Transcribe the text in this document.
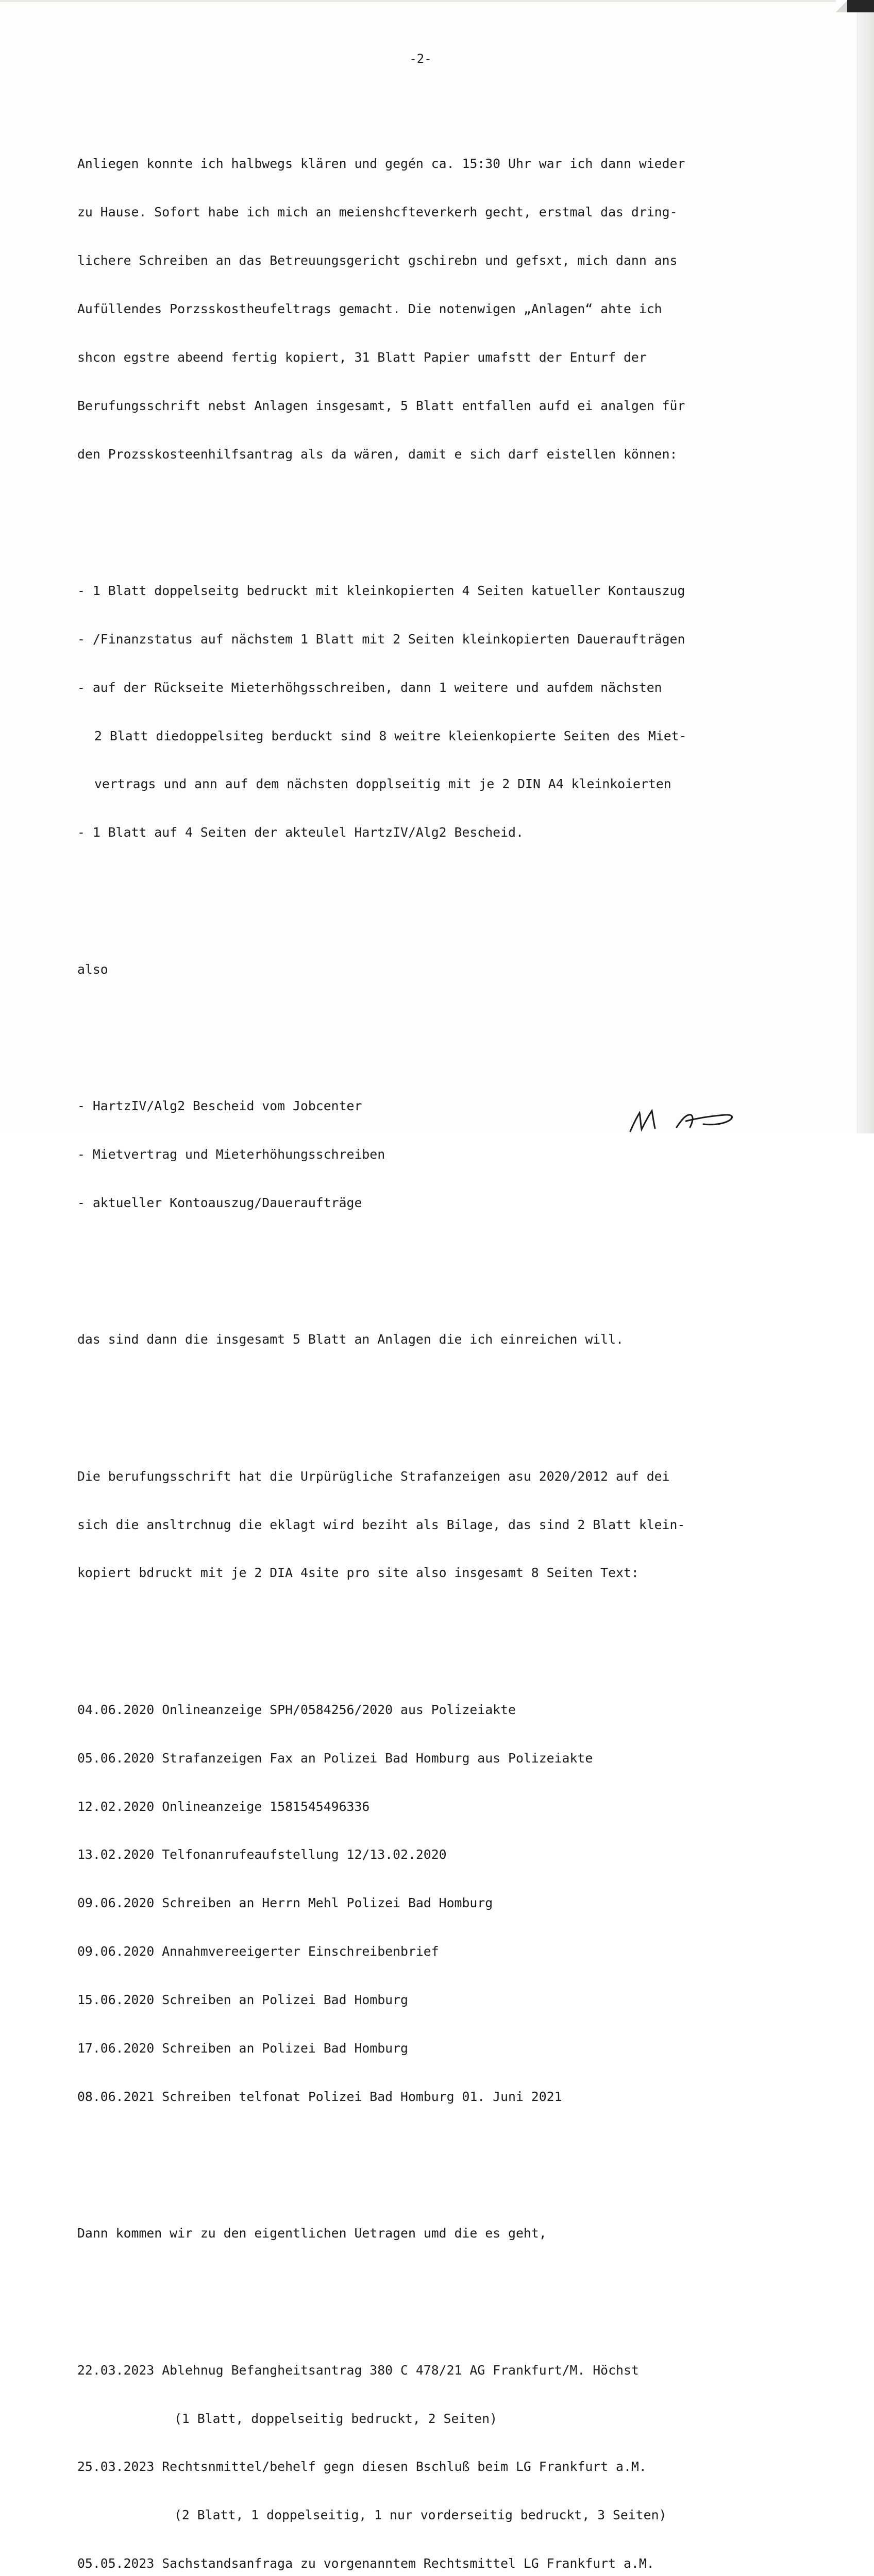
-2-

Anliegen konnte ich halbwegs klären und gegén ca. 15:30 Uhr war ich dann wieder

zu Hause. Sofort habe ich mich an meienshcfteverkerh gecht, erstmal das dring-

lichere Schreiben an das Betreuungsgericht gschirebn und gefsxt, mich dann ans

Aufüllendes Porzsskostheufeltrags gemacht. Die notenwigen „Anlagen“ ahte ich

shcon egstre abeend fertig kopiert, 31 Blatt Papier umafstt der Enturf der

Berufungsschrift nebst Anlagen insgesamt, 5 Blatt entfallen aufd ei analgen für

den Prozsskosteenhilfsantrag als da wären, damit e sich darf eistellen können:

- 1 Blatt doppelseitg bedruckt mit kleinkopierten 4 Seiten katueller Kontauszug

- /Finanzstatus auf nächstem 1 Blatt mit 2 Seiten kleinkopierten Daueraufträgen

- auf der Rückseite Mieterhöhgsschreiben, dann 1 weitere und aufdem nächsten

2 Blatt diedoppelsiteg berduckt sind 8 weitre kleienkopierte Seiten des Miet-

vertrags und ann auf dem nächsten dopplseitig mit je 2 DIN A4 kleinkoierten

- 1 Blatt auf 4 Seiten der akteulel HartzIV/Alg2 Bescheid.

also

- HartzIV/Alg2 Bescheid vom Jobcenter

- Mietvertrag und Mieterhöhungsschreiben

- aktueller Kontoauszug/Daueraufträge

das sind dann die insgesamt 5 Blatt an Anlagen die ich einreichen will.

Die berufungsschrift hat die Urpürügliche Strafanzeigen asu 2020/2012 auf dei

sich die ansltrchnug die eklagt wird beziht als Bilage, das sind 2 Blatt klein-

kopiert bdruckt mit je 2 DIA 4site pro site also insgesamt 8 Seiten Text:

04.06.2020 Onlineanzeige SPH/0584256/2020 aus Polizeiakte

05.06.2020 Strafanzeigen Fax an Polizei Bad Homburg aus Polizeiakte

12.02.2020 Onlineanzeige 1581545496336

13.02.2020 Telfonanrufeaufstellung 12/13.02.2020

09.06.2020 Schreiben an Herrn Mehl Polizei Bad Homburg

09.06.2020 Annahmvereeigerter Einschreibenbrief

15.06.2020 Schreiben an Polizei Bad Homburg

17.06.2020 Schreiben an Polizei Bad Homburg

08.06.2021 Schreiben telfonat Polizei Bad Homburg 01. Juni 2021

Dann kommen wir zu den eigentlichen Uetragen umd die es geht,

22.03.2023 Ablehnug Befangheitsantrag 380 C 478/21 AG Frankfurt/M. Höchst

(1 Blatt, doppelseitig bedruckt, 2 Seiten)

25.03.2023 Rechtsnmittel/behelf gegn diesen Bschluß beim LG Frankfurt a.M.

(2 Blatt, 1 doppelseitig, 1 nur vorderseitig bedruckt, 3 Seiten)

05.05.2023 Sachstandsanfraga zu vorgenanntem Rechtsmittel LG Frankfurt a.M.
